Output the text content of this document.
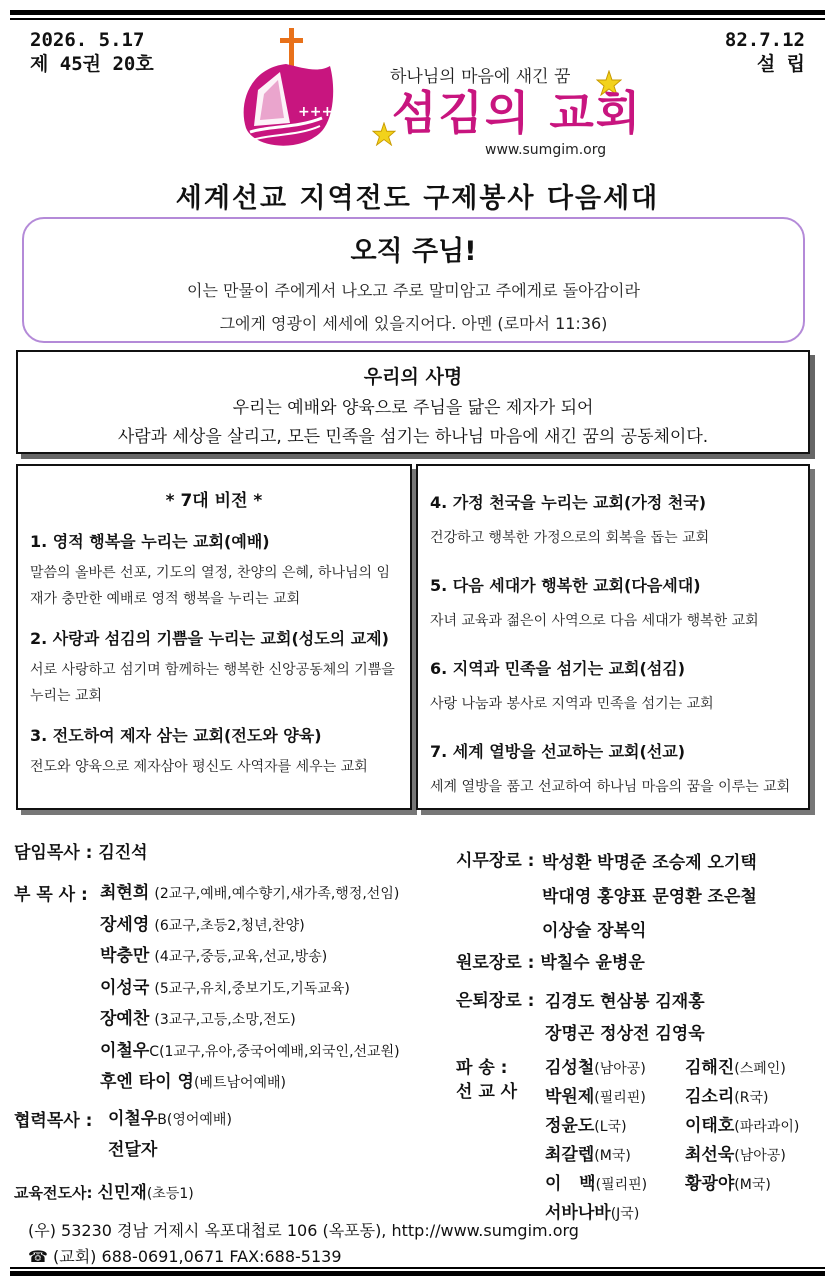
2026. 5.17
제 45권 20호
82.7.12
설 립
+++
하나님의 마음에 새긴 꿈
섬김의 교회
www.sumgim.org
세계선교 지역전도 구제봉사 다음세대
오직 주님!
이는 만물이 주에게서 나오고 주로 말미암고 주에게로 돌아감이라
그에게 영광이 세세에 있을지어다. 아멘 (로마서 11:36)
우리의 사명
우리는 예배와 양육으로 주님을 닮은 제자가 되어
사람과 세상을 살리고, 모든 민족을 섬기는 하나님 마음에 새긴 꿈의 공동체이다.
* 7대 비전 *
1. 영적 행복을 누리는 교회(예배)
말씀의 올바른 선포, 기도의 열정, 찬양의 은혜, 하나님의 임재가 충만한 예배로 영적 행복을 누리는 교회
2. 사랑과 섬김의 기쁨을 누리는 교회(성도의 교제)
서로 사랑하고 섬기며 함께하는 행복한 신앙공동체의 기쁨을 누리는 교회
3. 전도하여 제자 삼는 교회(전도와 양육)
전도와 양육으로 제자삼아 평신도 사역자를 세우는 교회
4. 가정 천국을 누리는 교회(가정 천국)
건강하고 행복한 가정으로의 회복을 돕는 교회
5. 다음 세대가 행복한 교회(다음세대)
자녀 교육과 젊은이 사역으로 다음 세대가 행복한 교회
6. 지역과 민족을 섬기는 교회(섬김)
사랑 나눔과 봉사로 지역과 민족을 섬기는 교회
7. 세계 열방을 선교하는 교회(선교)
세계 열방을 품고 선교하여 하나님 마음의 꿈을 이루는 교회
담임목사 : 김진석
부 목 사 : 최현희 (2교구,예배,예수향기,새가족,행정,선임)
장세영 (6교구,초등2,청년,찬양)
박충만 (4교구,중등,교육,선교,방송)
이성국 (5교구,유치,중보기도,기독교육)
장예찬 (3교구,고등,소망,전도)
이철우C(1교구,유아,중국어예배,외국인,선교원)
후엔 타이 영(베트남어예배)
협력목사 : 이철우B(영어예배)
전달자
교육전도사: 신민재(초등1)
시무장로 : 박성환 박명준 조승제 오기택
박대영 홍양표 문영환 조은철
이상술 장복익
원로장로 : 박칠수 윤병운
은퇴장로 : 김경도 현삼봉 김재홍
장명곤 정상전 김영욱
파 송 :
선 교 사
김성철(남아공)	김해진(스페인)
박원제(필리핀)	김소리(R국)
정윤도(L국)	이태호(파라과이)
최갈렙(M국)	최선욱(남아공)
이   백(필리핀)	황광야(M국)
서바나바(J국)
(우) 53230 경남 거제시 옥포대첩로 106 (옥포동), http://www.sumgim.org
☎ (교회) 688-0691,0671 FAX:688-5139
